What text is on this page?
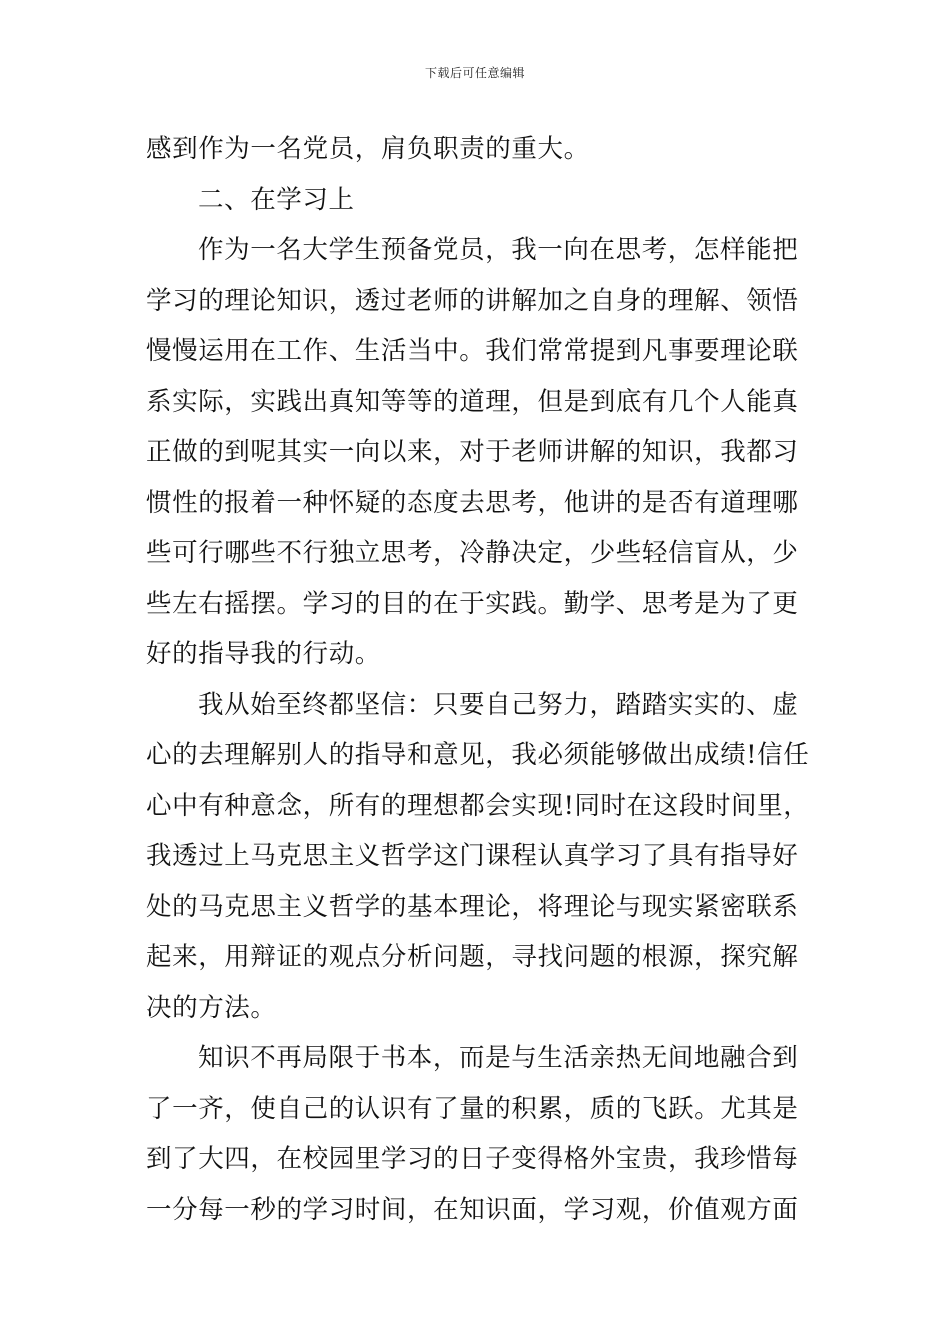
下载后可任意编辑
感到作为一名党员，肩负职责的重大。
二、在学习上
作为一名大学生预备党员，我一向在思考，怎样能把
学习的理论知识，透过老师的讲解加之自身的理解、领悟
慢慢运用在工作、生活当中。我们常常提到凡事要理论联
系实际，实践出真知等等的道理，但是到底有几个人能真
正做的到呢其实一向以来，对于老师讲解的知识，我都习
惯性的报着一种怀疑的态度去思考，他讲的是否有道理哪
些可行哪些不行独立思考，冷静决定，少些轻信盲从，少
些左右摇摆。学习的目的在于实践。勤学、思考是为了更
好的指导我的行动。
我从始至终都坚信：只要自己努力，踏踏实实的、虚
心的去理解别人的指导和意见，我必须能够做出成绩!信任
心中有种意念，所有的理想都会实现!同时在这段时间里，
我透过上马克思主义哲学这门课程认真学习了具有指导好
处的马克思主义哲学的基本理论，将理论与现实紧密联系
起来，用辩证的观点分析问题，寻找问题的根源，探究解
决的方法。
知识不再局限于书本，而是与生活亲热无间地融合到
了一齐，使自己的认识有了量的积累，质的飞跃。尤其是
到了大四，在校园里学习的日子变得格外宝贵，我珍惜每
一分每一秒的学习时间，在知识面，学习观，价值观方面
